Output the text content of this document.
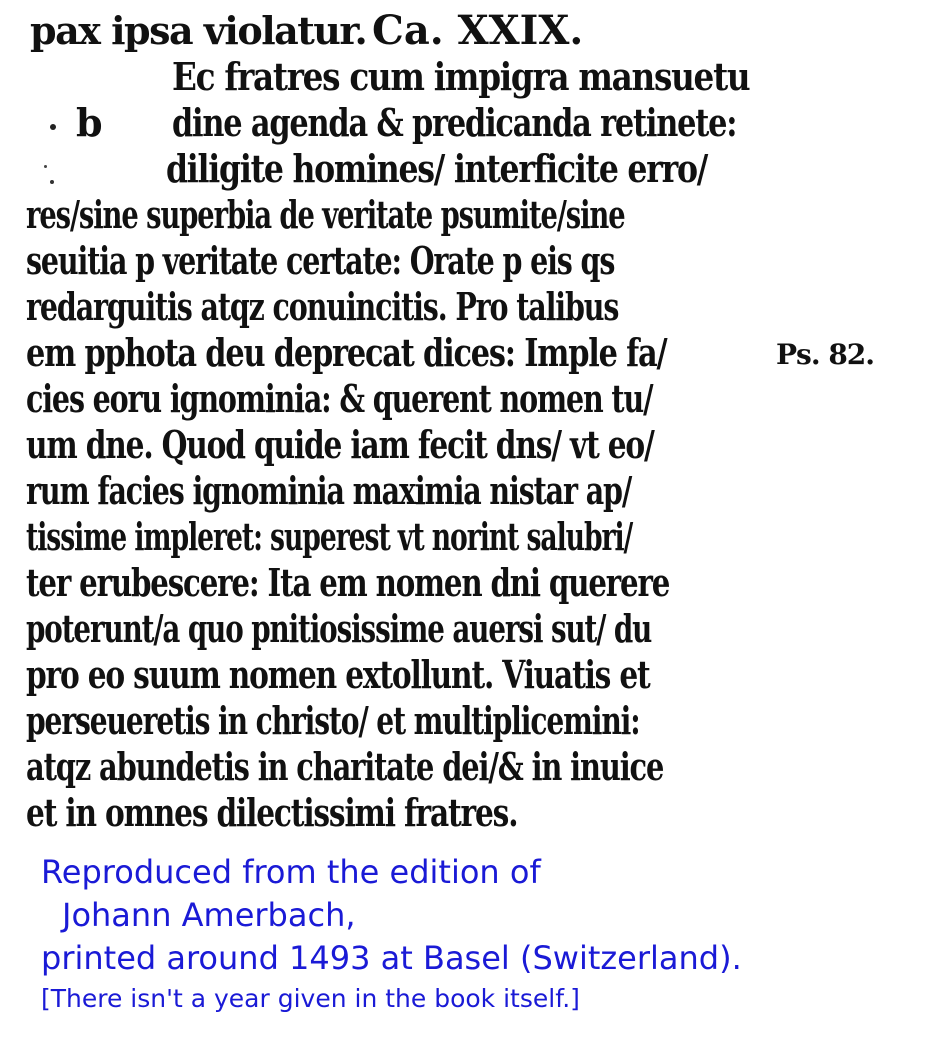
pax ipsa violatur. Ca. XXIX.
b
Ec fratres cum impigra mansuetu
dine agenda & predicanda retinete:
diligite homines/ interficite erro/
res/sine superbia de veritate psumite/sine
seuitia p veritate certate: Orate p eis qs
redarguitis atqz conuincitis. Pro talibus
em pphota deu deprecat dices: Imple fa/
cies eoru ignominia: & querent nomen tu/
um dne. Quod quide iam fecit dns/ vt eo/
rum facies ignominia maximia nistar ap/
tissime impleret: superest vt norint salubri/
ter erubescere: Ita em nomen dni querere
poterunt/a quo pnitiosissime auersi sut/ du
pro eo suum nomen extollunt. Viuatis et
perseueretis in christo/ et multiplicemini:
atqz abundetis in charitate dei/& in inuice
et in omnes dilectissimi fratres.
Ps. 82.
Reproduced from the edition of
Johann Amerbach,
printed around 1493 at Basel (Switzerland).
[There isn't a year given in the book itself.]
